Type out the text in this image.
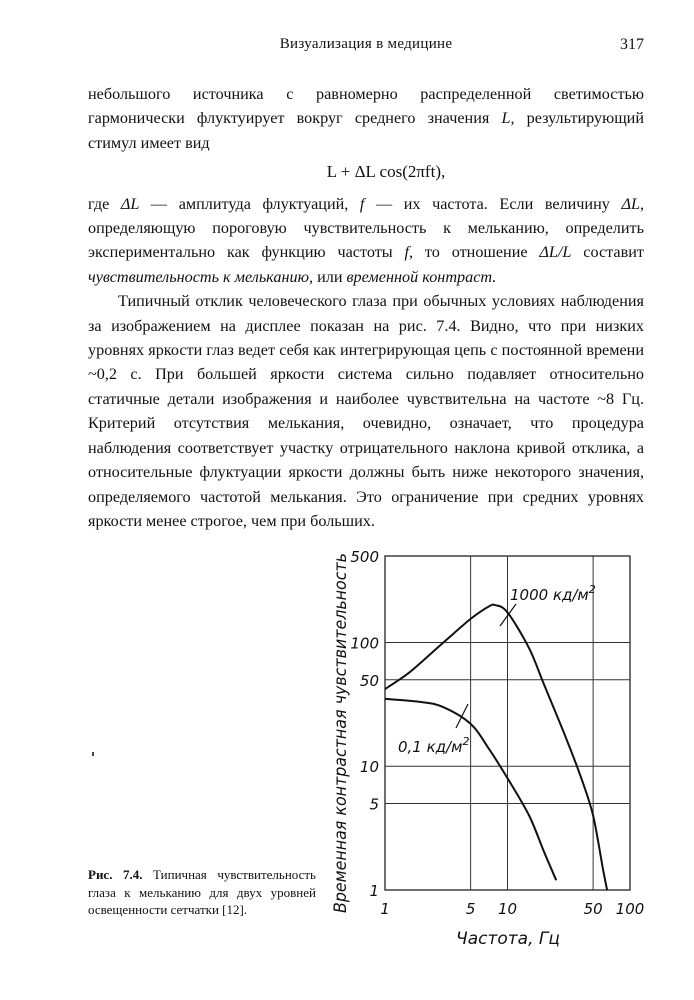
Визуализация в медицине	317

небольшого источника с равномерно распределенной светимостью гармонически флуктуирует вокруг среднего значения L, результирующий стимул имеет вид

L + ΔL cos(2πft),

где ΔL — амплитуда флуктуаций, f — их частота. Если величину ΔL, определяющую пороговую чувствительность к мельканию, определить экспериментально как функцию частоты f, то отношение ΔL/L составит чувствительность к мельканию, или временной контраст.

Типичный отклик человеческого глаза при обычных условиях наблюдения за изображением на дисплее показан на рис. 7.4. Видно, что при низких уровнях яркости глаз ведет себя как интегрирующая цепь с постоянной времени ~0,2 с. При большей яркости система сильно подавляет относительно статичные детали изображения и наиболее чувствительна на частоте ~8 Гц. Критерий отсутствия мелькания, очевидно, означает, что процедура наблюдения соответствует участку отрицательного наклона кривой отклика, а относительные флуктуации яркости должны быть ниже некоторого значения, определяемого частотой мелькания. Это ограничение при средних уровнях яркости менее строгое, чем при больших.

1	5 10	50 100
1
5
10
50
100
500
Частота, Гц
Временная контрастная чувствительность	1000 $кд/м^2$
0,1 $кд/м^2$
Рис. 7.4. Типичная чувствительность глаза к мельканию для двух уровней освещенности сетчатки [12].
